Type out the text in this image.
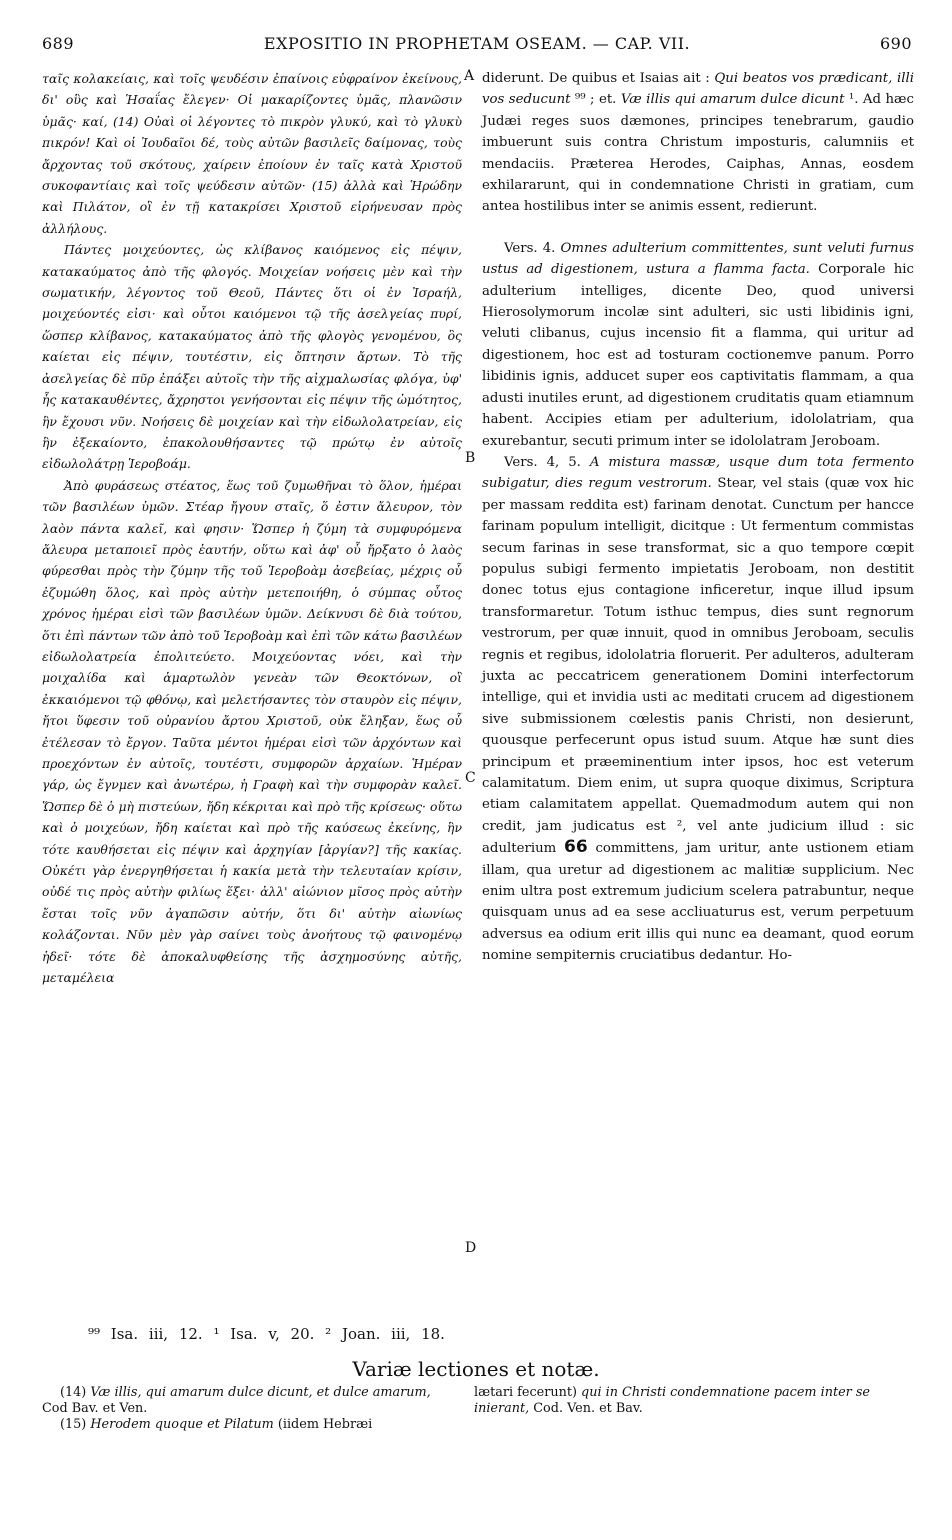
689	EXPOSITIO IN PROPHETAM OSEAM. — CAP. VII.	690

ταῖς κολακείαις, καὶ τοῖς ψευδέσιν ἐπαίνοις εὐφραίνον ἐκείνους, δι' οὓς καὶ Ἡσαΐας ἔλεγεν· Οἱ μακαρίζοντες ὑμᾶς, πλανῶσιν ὑμᾶς· καί, (14) Οὐαὶ οἱ λέγοντες τὸ πικρὸν γλυκύ, καὶ τὸ γλυκὺ πικρόν! Καὶ οἱ Ἰουδαῖοι δέ, τοὺς αὐτῶν βασιλεῖς δαίμονας, τοὺς ἄρχοντας τοῦ σκότους, χαίρειν ἐποίουν ἐν ταῖς κατὰ Χριστοῦ συκοφαντίαις καὶ τοῖς ψεύδεσιν αὐτῶν· (15) ἀλλὰ καὶ Ἡρώδην καὶ Πιλάτον, οἳ ἐν τῇ κατακρίσει Χριστοῦ εἰρήνευσαν πρὸς ἀλλήλους.

Πάντες μοιχεύοντες, ὡς κλίβανος καιόμενος εἰς πέψιν, κατακαύματος ἀπὸ τῆς φλογός. Μοιχείαν νοήσεις μὲν καὶ τὴν σωματικήν, λέγοντος τοῦ Θεοῦ, Πάντες ὅτι οἱ ἐν Ἰσραήλ, μοιχεύοντές εἰσι· καὶ οὗτοι καιόμενοι τῷ τῆς ἀσελγείας πυρί, ὥσπερ κλίβανος, κατακαύματος ἀπὸ τῆς φλογὸς γενομένου, ὃς καίεται εἰς πέψιν, τουτέστιν, εἰς ὄπτησιν ἄρτων. Τὸ τῆς ἀσελγείας δὲ πῦρ ἐπάξει αὐτοῖς τὴν τῆς αἰχμαλωσίας φλόγα, ὑφ' ἧς κατακαυθέντες, ἄχρηστοι γενήσονται εἰς πέψιν τῆς ὠμότητος, ἣν ἔχουσι νῦν. Νοήσεις δὲ μοιχείαν καὶ τὴν εἰδωλολατρείαν, εἰς ἣν ἐξεκαίοντο, ἐπακολουθήσαντες τῷ πρώτῳ ἐν αὐτοῖς εἰδωλολάτρῃ Ἱεροβοάμ.

Ἀπὸ φυράσεως στέατος, ἕως τοῦ ζυμωθῆναι τὸ ὅλον, ἡμέραι τῶν βασιλέων ὑμῶν. Στέαρ ἤγουν σταῖς, ὅ ἐστιν ἄλευρον, τὸν λαὸν πάντα καλεῖ, καὶ φησιν· Ὥσπερ ἡ ζύμη τὰ συμφυρόμενα ἄλευρα μεταποιεῖ πρὸς ἑαυτήν, οὕτω καὶ ἀφ' οὗ ἤρξατο ὁ λαὸς φύρεσθαι πρὸς τὴν ζύμην τῆς τοῦ Ἱεροβοὰμ ἀσεβείας, μέχρις οὗ ἐζυμώθη ὅλος, καὶ πρὸς αὐτὴν μετεποιήθη, ὁ σύμπας οὗτος χρόνος ἡμέραι εἰσὶ τῶν βασιλέων ὑμῶν. Δείκνυσι δὲ διὰ τούτου, ὅτι ἐπὶ πάντων τῶν ἀπὸ τοῦ Ἱεροβοὰμ καὶ ἐπὶ τῶν κάτω βασιλέων εἰδωλολατρεία ἐπολιτεύετο. Μοιχεύοντας νόει, καὶ τὴν μοιχαλίδα καὶ ἁμαρτωλὸν γενεὰν τῶν Θεοκτόνων, οἳ ἐκκαιόμενοι τῷ φθόνῳ, καὶ μελετήσαντες τὸν σταυρὸν εἰς πέψιν, ἤτοι ὕφεσιν τοῦ οὐρανίου ἄρτου Χριστοῦ, οὐκ ἔληξαν, ἕως οὗ ἐτέλεσαν τὸ ἔργον. Ταῦτα μέντοι ἡμέραι εἰσὶ τῶν ἀρχόντων καὶ προεχόντων ἐν αὐτοῖς, τουτέστι, συμφορῶν ἀρχαίων. Ἡμέραν γάρ, ὡς ἔγνμεν καὶ ἀνωτέρω, ἡ Γραφὴ καὶ τὴν συμφορὰν καλεῖ. Ὥσπερ δὲ ὁ μὴ πιστεύων, ἤδη κέκριται καὶ πρὸ τῆς κρίσεως· οὕτω καὶ ὁ μοιχεύων, ἤδη καίεται καὶ πρὸ τῆς καύσεως ἐκείνης, ἣν τότε καυθήσεται εἰς πέψιν καὶ ἀρχηγίαν [ἀργίαν?] τῆς κακίας. Οὐκέτι γὰρ ἐνεργηθήσεται ἡ κακία μετὰ τὴν τελευταίαν κρίσιν, οὐδέ τις πρὸς αὐτὴν φιλίως ἕξει· ἀλλ' αἰώνιον μῖσος πρὸς αὐτὴν ἔσται τοῖς νῦν ἀγαπῶσιν αὐτήν, ὅτι δι' αὐτὴν αἰωνίως κολάζονται. Νῦν μὲν γὰρ σαίνει τοὺς ἀνοήτους τῷ φαινομένῳ ἡδεῖ· τότε δὲ ἀποκαλυφθείσης τῆς ἀσχημοσύνης αὐτῆς, μεταμέλεια

A
B
C
D

diderunt. De quibus et Isaias ait : Qui beatos vos prædicant, illi vos seducunt ⁹⁹ ; et. Væ illis qui amarum dulce dicunt ¹. Ad hæc Judæi reges suos dæmones, principes tenebrarum, gaudio imbuerunt suis contra Christum imposturis, calumniis et mendaciis. Præterea Herodes, Caiphas, Annas, eosdem exhilararunt, qui in condemnatione Christi in gratiam, cum antea hostilibus inter se animis essent, redierunt.

Vers. 4. Omnes adulterium committentes, sunt veluti furnus ustus ad digestionem, ustura a flamma facta. Corporale hic adulterium intelliges, dicente Deo, quod universi Hierosolymorum incolæ sint adulteri, sic usti libidinis igni, veluti clibanus, cujus incensio fit a flamma, qui uritur ad digestionem, hoc est ad tosturam coctionemve panum. Porro libidinis ignis, adducet super eos captivitatis flammam, a qua adusti inutiles erunt, ad digestionem cruditatis quam etiamnum habent. Accipies etiam per adulterium, idololatriam, qua exurebantur, secuti primum inter se idololatram Jeroboam.

Vers. 4, 5. A mistura massæ, usque dum tota fermento subigatur, dies regum vestrorum. Stear, vel stais (quæ vox hic per massam reddita est) farinam denotat. Cunctum per hancce farinam populum intelligit, dicitque : Ut fermentum commistas secum farinas in sese transformat, sic a quo tempore cœpit populus subigi fermento impietatis Jeroboam, non destitit donec totus ejus contagione inficeretur, inque illud ipsum transformaretur. Totum isthuc tempus, dies sunt regnorum vestrorum, per quæ innuit, quod in omnibus Jeroboam, seculis regnis et regibus, idololatria floruerit. Per adulteros, adulteram juxta ac peccatricem generationem Domini interfectorum intellige, qui et invidia usti ac meditati crucem ad digestionem sive submissionem cœlestis panis Christi, non desierunt, quousque perfecerunt opus istud suum. Atque hæ sunt dies principum et præeminentium inter ipsos, hoc est veterum calamitatum. Diem enim, ut supra quoque diximus, Scriptura etiam calamitatem appellat. Quemadmodum autem qui non credit, jam judicatus est ², vel ante judicium illud : sic adulterium 66 committens, jam uritur, ante ustionem etiam illam, qua uretur ad digestionem ac malitiæ supplicium. Nec enim ultra post extremum judicium scelera patrabuntur, neque quisquam unus ad ea sese accliuaturus est, verum perpetuum adversus ea odium erit illis qui nunc ea deamant, quod eorum nomine sempiternis cruciatibus dedantur. Ho-

⁹⁹ Isa. iii, 12. ¹ Isa. v, 20. ² Joan. iii, 18.
Variæ lectiones et notæ.

(14) Væ illis, qui amarum dulce dicunt, et dulce amarum, Cod Bav. et Ven.

(15) Herodem quoque et Pilatum (iidem Hebræi

lætari fecerunt) qui in Christi condemnatione pacem inter se inierant, Cod. Ven. et Bav.
